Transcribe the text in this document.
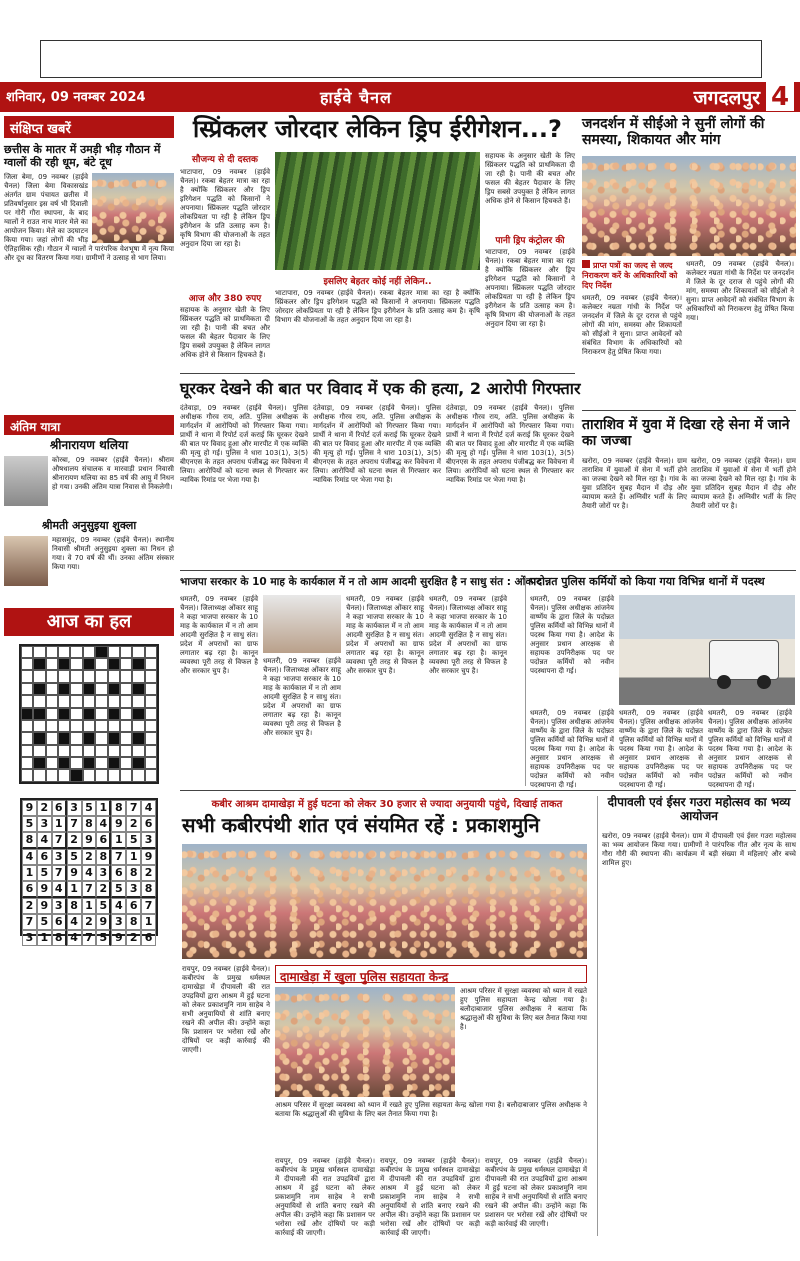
शनिवार, 09 नवम्बर 2024	हाईवे चैनल	जगदलपुर 4
संक्षिप्त खबरें
छत्तीस के मातर में उमड़ी भीड़ गौठान में ग्वालों की रही धूम, बंटे दूध
जिला बेमा, 09 नवम्बर (हाईवे चैनल) जिला बेमा विकासखंड अंतर्गत ग्राम पंचायत छतीस में प्रतिवर्षानुसार इस वर्ष भी दिवाली पर गोरी गौरा स्थापना, के बाद ग्वालों ने राउत नाच मातर मेले का आयोजन किया। मेले का उदघाटन किया गया। जहां लोगों की भीड़ ऐतिहासिक रही। गौठान में ग्वालों ने पारंपरिक वेशभूषा में नृत्य किया और दूध का वितरण किया गया। ग्रामीणों ने उत्साह से भाग लिया।
अंतिम यात्रा
श्रीनारायण थलिया
कोरबा, 09 नवम्बर (हाईवे चैनल)। श्रीराम औषधालय संचालक व मारवाड़ी प्रधान निवासी श्रीनारायण थलिया का 85 वर्ष की आयु में निधन हो गया। उनकी अंतिम यात्रा निवास से निकलेगी।
श्रीमती अनुसुइया शुक्ला
महासमुंद, 09 नवम्बर (हाईवे चैनल)। स्थानीय निवासी श्रीमती अनुसुइया शुक्ला का निधन हो गया। वे 70 वर्ष की थीं। उनका अंतिम संस्कार किया गया।
आज का हल
9 2 6 3 5 1 8 7 4
5 3 1 7 8 4 9 2 6
8 4 7 2 9 6 1 5 3
4 6 3 5 2 8 7 1 9
1 5 7 9 4 3 6 8 2
6 9 4 1 7 2 5 3 8
2 9 3 8 1 5 4 6 7
7 5 6 4 2 9 3 8 1
3 1 8 4 7 5 9 2 6
स्प्रिंकलर जोरदार लेकिन ड्रिप ईरीगेशन...?
सौजन्य से दी दस्तक
भाटापारा, 09 नवम्बर (हाईवे चैनल)। रकबा बेहतर मात्रा का रहा है क्योंकि स्प्रिंकलर और ड्रिप इरिगेशन पद्धति को किसानों ने अपनाया। स्प्रिंकलर पद्धति जोरदार लोकप्रियता पा रही है लेकिन ड्रिप इरीगेशन के प्रति उत्साह कम है। कृषि विभाग की योजनाओं के तहत अनुदान दिया जा रहा है।
आज और 380 रुपए
सहायक के अनुसार खेती के लिए स्प्रिंकलर पद्धति को प्राथमिकता दी जा रही है। पानी की बचत और फसल की बेहतर पैदावार के लिए ड्रिप सबसे उपयुक्त है लेकिन लागत अधिक होने से किसान हिचकते हैं।
इसलिए बेहतर कोई नहीं लेकिन..
भाटापारा, 09 नवम्बर (हाईवे चैनल)। रकबा बेहतर मात्रा का रहा है क्योंकि स्प्रिंकलर और ड्रिप इरिगेशन पद्धति को किसानों ने अपनाया। स्प्रिंकलर पद्धति जोरदार लोकप्रियता पा रही है लेकिन ड्रिप इरीगेशन के प्रति उत्साह कम है। कृषि विभाग की योजनाओं के तहत अनुदान दिया जा रहा है।
सहायक के अनुसार खेती के लिए स्प्रिंकलर पद्धति को प्राथमिकता दी जा रही है। पानी की बचत और फसल की बेहतर पैदावार के लिए ड्रिप सबसे उपयुक्त है लेकिन लागत अधिक होने से किसान हिचकते हैं।
पानी ड्रिप कंट्रोलर की
भाटापारा, 09 नवम्बर (हाईवे चैनल)। रकबा बेहतर मात्रा का रहा है क्योंकि स्प्रिंकलर और ड्रिप इरिगेशन पद्धति को किसानों ने अपनाया। स्प्रिंकलर पद्धति जोरदार लोकप्रियता पा रही है लेकिन ड्रिप इरीगेशन के प्रति उत्साह कम है। कृषि विभाग की योजनाओं के तहत अनुदान दिया जा रहा है।
घूरकर देखने की बात पर विवाद में एक की हत्या, 2 आरोपी गिरफ्तार
दंतेवाड़ा, 09 नवम्बर (हाईवे चैनल)। पुलिस अधीक्षक गौरव राय, अति. पुलिस अधीक्षक के मार्गदर्शन में आरोपियों को गिरफ्तार किया गया। प्रार्थी ने थाना में रिपोर्ट दर्ज कराई कि घूरकर देखने की बात पर विवाद हुआ और मारपीट में एक व्यक्ति की मृत्यु हो गई। पुलिस ने धारा 103(1), 3(5) बीएनएस के तहत अपराध पंजीबद्ध कर विवेचना में लिया। आरोपियों को घटना स्थल से गिरफ्तार कर न्यायिक रिमांड पर भेजा गया है।
दंतेवाड़ा, 09 नवम्बर (हाईवे चैनल)। पुलिस अधीक्षक गौरव राय, अति. पुलिस अधीक्षक के मार्गदर्शन में आरोपियों को गिरफ्तार किया गया। प्रार्थी ने थाना में रिपोर्ट दर्ज कराई कि घूरकर देखने की बात पर विवाद हुआ और मारपीट में एक व्यक्ति की मृत्यु हो गई। पुलिस ने धारा 103(1), 3(5) बीएनएस के तहत अपराध पंजीबद्ध कर विवेचना में लिया। आरोपियों को घटना स्थल से गिरफ्तार कर न्यायिक रिमांड पर भेजा गया है।
दंतेवाड़ा, 09 नवम्बर (हाईवे चैनल)। पुलिस अधीक्षक गौरव राय, अति. पुलिस अधीक्षक के मार्गदर्शन में आरोपियों को गिरफ्तार किया गया। प्रार्थी ने थाना में रिपोर्ट दर्ज कराई कि घूरकर देखने की बात पर विवाद हुआ और मारपीट में एक व्यक्ति की मृत्यु हो गई। पुलिस ने धारा 103(1), 3(5) बीएनएस के तहत अपराध पंजीबद्ध कर विवेचना में लिया। आरोपियों को घटना स्थल से गिरफ्तार कर न्यायिक रिमांड पर भेजा गया है।
जनदर्शन में सीईओ ने सुनीं लोगों की समस्या, शिकायत और मांग
प्राप्त पत्रों का जल्द से जल्द निराकरण करें के अधिकारियों को दिए निर्देश
धमतरी, 09 नवम्बर (हाईवे चैनल)। कलेक्टर नम्रता गांधी के निर्देश पर जनदर्शन में जिले के दूर दराज से पहुंचे लोगों की मांग, समस्या और शिकायतों को सीईओ ने सुना। प्राप्त आवेदनों को संबंधित विभाग के अधिकारियों को निराकरण हेतु प्रेषित किया गया।
धमतरी, 09 नवम्बर (हाईवे चैनल)। कलेक्टर नम्रता गांधी के निर्देश पर जनदर्शन में जिले के दूर दराज से पहुंचे लोगों की मांग, समस्या और शिकायतों को सीईओ ने सुना। प्राप्त आवेदनों को संबंधित विभाग के अधिकारियों को निराकरण हेतु प्रेषित किया गया।
ताराशिव में युवा में दिखा रहे सेना में जाने का जज्बा
खरोरा, 09 नवम्बर (हाईवे चैनल)। ग्राम ताराशिव में युवाओं में सेना में भर्ती होने का जज्बा देखने को मिल रहा है। गांव के युवा प्रतिदिन सुबह मैदान में दौड़ और व्यायाम करते हैं। अग्निवीर भर्ती के लिए तैयारी जोरों पर है।
खरोरा, 09 नवम्बर (हाईवे चैनल)। ग्राम ताराशिव में युवाओं में सेना में भर्ती होने का जज्बा देखने को मिल रहा है। गांव के युवा प्रतिदिन सुबह मैदान में दौड़ और व्यायाम करते हैं। अग्निवीर भर्ती के लिए तैयारी जोरों पर है।
भाजपा सरकार के 10 माह के कार्यकाल में न तो आम आदमी सुरक्षित है न साधु संत : ओंकार
धमतरी, 09 नवम्बर (हाईवे चैनल)। जिलाध्यक्ष ओंकार साहू ने कहा भाजपा सरकार के 10 माह के कार्यकाल में न तो आम आदमी सुरक्षित है न साधु संत। प्रदेश में अपराधों का ग्राफ लगातार बढ़ रहा है। कानून व्यवस्था पूरी तरह से विफल है और सरकार चुप है।
धमतरी, 09 नवम्बर (हाईवे चैनल)। जिलाध्यक्ष ओंकार साहू ने कहा भाजपा सरकार के 10 माह के कार्यकाल में न तो आम आदमी सुरक्षित है न साधु संत। प्रदेश में अपराधों का ग्राफ लगातार बढ़ रहा है। कानून व्यवस्था पूरी तरह से विफल है और सरकार चुप है।
धमतरी, 09 नवम्बर (हाईवे चैनल)। जिलाध्यक्ष ओंकार साहू ने कहा भाजपा सरकार के 10 माह के कार्यकाल में न तो आम आदमी सुरक्षित है न साधु संत। प्रदेश में अपराधों का ग्राफ लगातार बढ़ रहा है। कानून व्यवस्था पूरी तरह से विफल है और सरकार चुप है।
धमतरी, 09 नवम्बर (हाईवे चैनल)। जिलाध्यक्ष ओंकार साहू ने कहा भाजपा सरकार के 10 माह के कार्यकाल में न तो आम आदमी सुरक्षित है न साधु संत। प्रदेश में अपराधों का ग्राफ लगातार बढ़ रहा है। कानून व्यवस्था पूरी तरह से विफल है और सरकार चुप है।
पदोन्नत पुलिस कर्मियों को किया गया विभिन्न थानों में पदस्थ
धमतरी, 09 नवम्बर (हाईवे चैनल)। पुलिस अधीक्षक आंजनेय वार्ष्णेय के द्वारा जिले के पदोन्नत पुलिस कर्मियों को विभिन्न थानों में पदस्थ किया गया है। आदेश के अनुसार प्रधान आरक्षक से सहायक उपनिरीक्षक पद पर पदोन्नत कर्मियों को नवीन पदस्थापना दी गई।
धमतरी, 09 नवम्बर (हाईवे चैनल)। पुलिस अधीक्षक आंजनेय वार्ष्णेय के द्वारा जिले के पदोन्नत पुलिस कर्मियों को विभिन्न थानों में पदस्थ किया गया है। आदेश के अनुसार प्रधान आरक्षक से सहायक उपनिरीक्षक पद पर पदोन्नत कर्मियों को नवीन पदस्थापना दी गई।
धमतरी, 09 नवम्बर (हाईवे चैनल)। पुलिस अधीक्षक आंजनेय वार्ष्णेय के द्वारा जिले के पदोन्नत पुलिस कर्मियों को विभिन्न थानों में पदस्थ किया गया है। आदेश के अनुसार प्रधान आरक्षक से सहायक उपनिरीक्षक पद पर पदोन्नत कर्मियों को नवीन पदस्थापना दी गई।
धमतरी, 09 नवम्बर (हाईवे चैनल)। पुलिस अधीक्षक आंजनेय वार्ष्णेय के द्वारा जिले के पदोन्नत पुलिस कर्मियों को विभिन्न थानों में पदस्थ किया गया है। आदेश के अनुसार प्रधान आरक्षक से सहायक उपनिरीक्षक पद पर पदोन्नत कर्मियों को नवीन पदस्थापना दी गई।
कबीर आश्रम दामाखेड़ा में हुई घटना को लेकर 30 हजार से ज्यादा अनुयायी पहुंचे, दिखाई ताकत
सभी कबीरपंथी शांत एवं संयमित रहें : प्रकाशमुनि
रायपुर, 09 नवम्बर (हाईवे चैनल)। कबीरपंथ के प्रमुख धर्मस्थल दामाखेड़ा में दीपावली की रात उपद्रवियों द्वारा आश्रम में हुई घटना को लेकर प्रकाशमुनि नाम साहेब ने सभी अनुयायियों से शांति बनाए रखने की अपील की। उन्होंने कहा कि प्रशासन पर भरोसा रखें और दोषियों पर कड़ी कार्रवाई की जाएगी।
दामाखेड़ा में खुला पुलिस सहायता केन्द्र
आश्रम परिसर में सुरक्षा व्यवस्था को ध्यान में रखते हुए पुलिस सहायता केन्द्र खोला गया है। बलौदाबाजार पुलिस अधीक्षक ने बताया कि श्रद्धालुओं की सुविधा के लिए बल तैनात किया गया है।
आश्रम परिसर में सुरक्षा व्यवस्था को ध्यान में रखते हुए पुलिस सहायता केन्द्र खोला गया है। बलौदाबाजार पुलिस अधीक्षक ने बताया कि श्रद्धालुओं की सुविधा के लिए बल तैनात किया गया है।
रायपुर, 09 नवम्बर (हाईवे चैनल)। कबीरपंथ के प्रमुख धर्मस्थल दामाखेड़ा में दीपावली की रात उपद्रवियों द्वारा आश्रम में हुई घटना को लेकर प्रकाशमुनि नाम साहेब ने सभी अनुयायियों से शांति बनाए रखने की अपील की। उन्होंने कहा कि प्रशासन पर भरोसा रखें और दोषियों पर कड़ी कार्रवाई की जाएगी।
रायपुर, 09 नवम्बर (हाईवे चैनल)। कबीरपंथ के प्रमुख धर्मस्थल दामाखेड़ा में दीपावली की रात उपद्रवियों द्वारा आश्रम में हुई घटना को लेकर प्रकाशमुनि नाम साहेब ने सभी अनुयायियों से शांति बनाए रखने की अपील की। उन्होंने कहा कि प्रशासन पर भरोसा रखें और दोषियों पर कड़ी कार्रवाई की जाएगी।
रायपुर, 09 नवम्बर (हाईवे चैनल)। कबीरपंथ के प्रमुख धर्मस्थल दामाखेड़ा में दीपावली की रात उपद्रवियों द्वारा आश्रम में हुई घटना को लेकर प्रकाशमुनि नाम साहेब ने सभी अनुयायियों से शांति बनाए रखने की अपील की। उन्होंने कहा कि प्रशासन पर भरोसा रखें और दोषियों पर कड़ी कार्रवाई की जाएगी।
दीपावली एवं ईसर गउरा महोत्सव का भव्य आयोजन
खरोरा, 09 नवम्बर (हाईवे चैनल)। ग्राम में दीपावली एवं ईसर गउरा महोत्सव का भव्य आयोजन किया गया। ग्रामीणों ने पारंपरिक गीत और नृत्य के साथ गौरा गौरी की स्थापना की। कार्यक्रम में बड़ी संख्या में महिलाएं और बच्चे शामिल हुए।
